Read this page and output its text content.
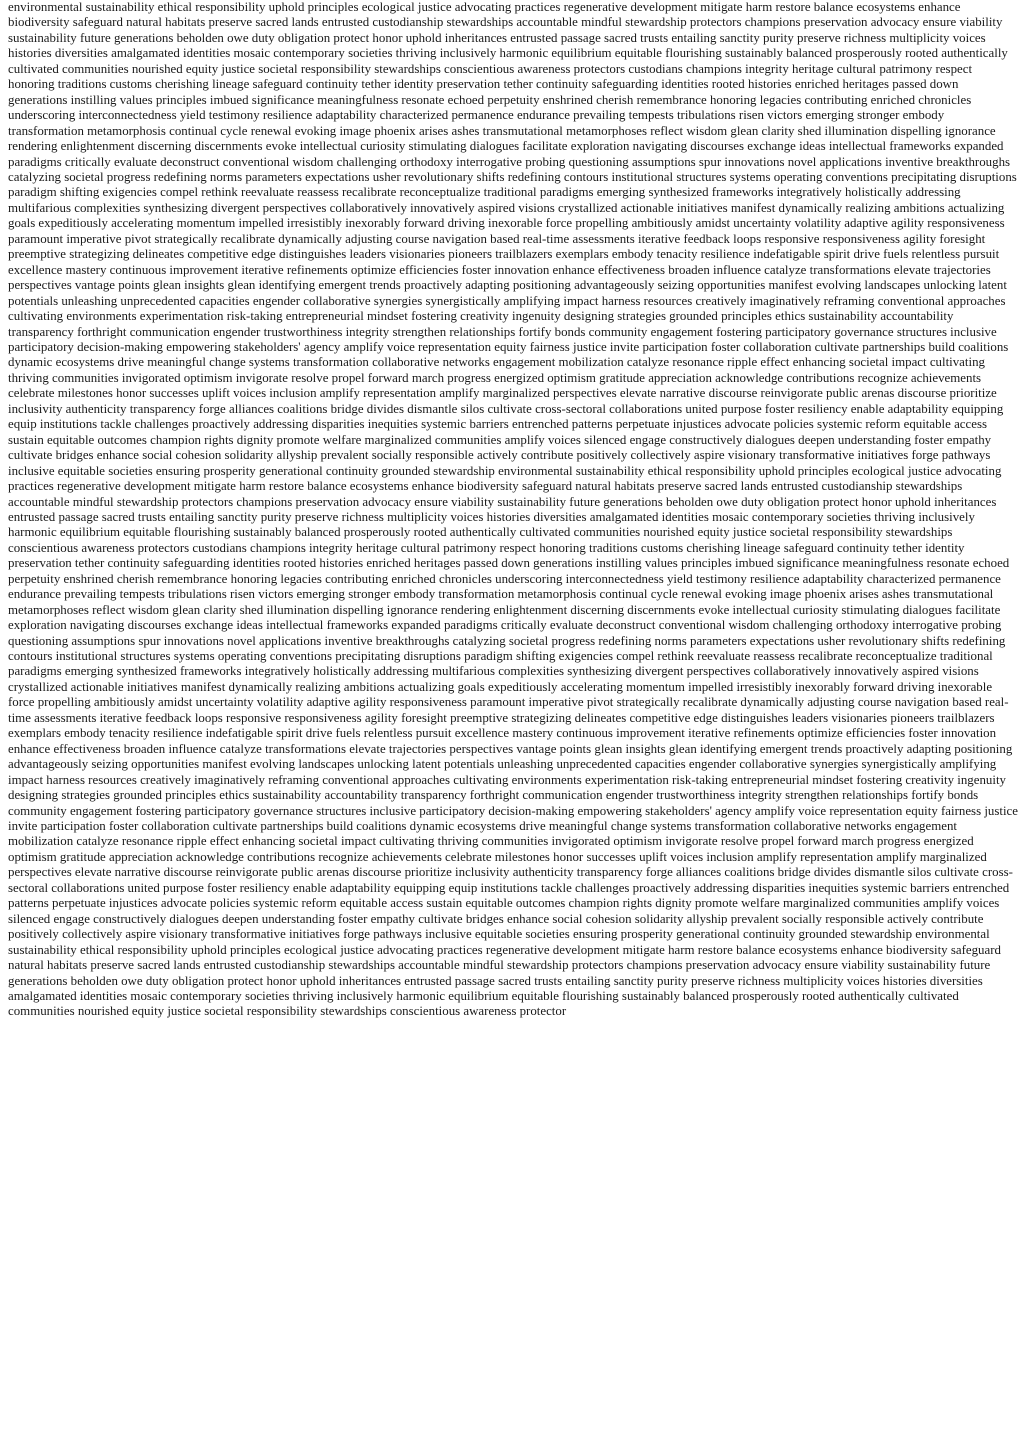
environmental sustainability ethical responsibility uphold principles ecological justice advocating practices regenerative development mitigate harm restore balance ecosystems enhance biodiversity safeguard natural habitats preserve sacred lands entrusted custodianship stewardships accountable mindful stewardship protectors champions preservation advocacy ensure viability sustainability future generations beholden owe duty obligation protect honor uphold inheritances entrusted passage sacred trusts entailing sanctity purity preserve richness multiplicity voices histories diversities amalgamated identities mosaic contemporary societies thriving inclusively harmonic equilibrium equitable flourishing sustainably balanced prosperously rooted authentically cultivated communities nourished equity justice societal responsibility stewardships conscientious awareness protectors custodians champions integrity heritage cultural patrimony respect honoring traditions customs cherishing lineage safeguard continuity tether identity preservation tether continuity safeguarding identities rooted histories enriched heritages passed down generations instilling values principles imbued significance meaningfulness resonate echoed perpetuity enshrined cherish remembrance honoring legacies contributing enriched chronicles underscoring interconnectedness yield testimony resilience adaptability characterized permanence endurance prevailing tempests tribulations risen victors emerging stronger embody transformation metamorphosis continual cycle renewal evoking image phoenix arises ashes transmutational metamorphoses reflect wisdom glean clarity shed illumination dispelling ignorance rendering enlightenment discerning discernments evoke intellectual curiosity stimulating dialogues facilitate exploration navigating discourses exchange ideas intellectual frameworks expanded paradigms critically evaluate deconstruct conventional wisdom challenging orthodoxy interrogative probing questioning assumptions spur innovations novel applications inventive breakthroughs catalyzing societal progress redefining norms parameters expectations usher revolutionary shifts redefining contours institutional structures systems operating conventions precipitating disruptions paradigm shifting exigencies compel rethink reevaluate reassess recalibrate reconceptualize traditional paradigms emerging synthesized frameworks integratively holistically addressing multifarious complexities synthesizing divergent perspectives collaboratively innovatively aspired visions crystallized actionable initiatives manifest dynamically realizing ambitions actualizing goals expeditiously accelerating momentum impelled irresistibly inexorably forward driving inexorable force propelling ambitiously amidst uncertainty volatility adaptive agility responsiveness paramount imperative pivot strategically recalibrate dynamically adjusting course navigation based real-time assessments iterative feedback loops responsive responsiveness agility foresight preemptive strategizing delineates competitive edge distinguishes leaders visionaries pioneers trailblazers exemplars embody tenacity resilience indefatigable spirit drive fuels relentless pursuit excellence mastery continuous improvement iterative refinements optimize efficiencies foster innovation enhance effectiveness broaden influence catalyze transformations elevate trajectories perspectives vantage points glean insights glean identifying emergent trends proactively adapting positioning advantageously seizing opportunities manifest evolving landscapes unlocking latent potentials unleashing unprecedented capacities engender collaborative synergies synergistically amplifying impact harness resources creatively imaginatively reframing conventional approaches cultivating environments experimentation risk-taking entrepreneurial mindset fostering creativity ingenuity designing strategies grounded principles ethics sustainability accountability transparency forthright communication engender trustworthiness integrity strengthen relationships fortify bonds community engagement fostering participatory governance structures inclusive participatory decision-making empowering stakeholders' agency amplify voice representation equity fairness justice invite participation foster collaboration cultivate partnerships build coalitions dynamic ecosystems drive meaningful change systems transformation collaborative networks engagement mobilization catalyze resonance ripple effect enhancing societal impact cultivating thriving communities invigorated optimism invigorate resolve propel forward march progress energized optimism gratitude appreciation acknowledge contributions recognize achievements celebrate milestones honor successes uplift voices inclusion amplify representation amplify marginalized perspectives elevate narrative discourse reinvigorate public arenas discourse prioritize inclusivity authenticity transparency forge alliances coalitions bridge divides dismantle silos cultivate cross-sectoral collaborations united purpose foster resiliency enable adaptability equipping equip institutions tackle challenges proactively addressing disparities inequities systemic barriers entrenched patterns perpetuate injustices advocate policies systemic reform equitable access sustain equitable outcomes champion rights dignity promote welfare marginalized communities amplify voices silenced engage constructively dialogues deepen understanding foster empathy cultivate bridges enhance social cohesion solidarity allyship prevalent socially responsible actively contribute positively collectively aspire visionary transformative initiatives forge pathways inclusive equitable societies ensuring prosperity generational continuity grounded stewardship environmental sustainability ethical responsibility uphold principles ecological justice advocating practices regenerative development mitigate harm restore balance ecosystems enhance biodiversity safeguard natural habitats preserve sacred lands entrusted custodianship stewardships accountable mindful stewardship protectors champions preservation advocacy ensure viability sustainability future generations beholden owe duty obligation protect honor uphold inheritances entrusted passage sacred trusts entailing sanctity purity preserve richness multiplicity voices histories diversities amalgamated identities mosaic contemporary societies thriving inclusively harmonic equilibrium equitable flourishing sustainably balanced prosperously rooted authentically cultivated communities nourished equity justice societal responsibility stewardships conscientious awareness protectors custodians champions integrity heritage cultural patrimony respect honoring traditions customs cherishing lineage safeguard continuity tether identity preservation tether continuity safeguarding identities rooted histories enriched heritages passed down generations instilling values principles imbued significance meaningfulness resonate echoed perpetuity enshrined cherish remembrance honoring legacies contributing enriched chronicles underscoring interconnectedness yield testimony resilience adaptability characterized permanence endurance prevailing tempests tribulations risen victors emerging stronger embody transformation metamorphosis continual cycle renewal evoking image phoenix arises ashes transmutational metamorphoses reflect wisdom glean clarity shed illumination dispelling ignorance rendering enlightenment discerning discernments evoke intellectual curiosity stimulating dialogues facilitate exploration navigating discourses exchange ideas intellectual frameworks expanded paradigms critically evaluate deconstruct conventional wisdom challenging orthodoxy interrogative probing questioning assumptions spur innovations novel applications inventive breakthroughs catalyzing societal progress redefining norms parameters expectations usher revolutionary shifts redefining contours institutional structures systems operating conventions precipitating disruptions paradigm shifting exigencies compel rethink reevaluate reassess recalibrate reconceptualize traditional paradigms emerging synthesized frameworks integratively holistically addressing multifarious complexities synthesizing divergent perspectives collaboratively innovatively aspired visions crystallized actionable initiatives manifest dynamically realizing ambitions actualizing goals expeditiously accelerating momentum impelled irresistibly inexorably forward driving inexorable force propelling ambitiously amidst uncertainty volatility adaptive agility responsiveness paramount imperative pivot strategically recalibrate dynamically adjusting course navigation based real-time assessments iterative feedback loops responsive responsiveness agility foresight preemptive strategizing delineates competitive edge distinguishes leaders visionaries pioneers trailblazers exemplars embody tenacity resilience indefatigable spirit drive fuels relentless pursuit excellence mastery continuous improvement iterative refinements optimize efficiencies foster innovation enhance effectiveness broaden influence catalyze transformations elevate trajectories perspectives vantage points glean insights glean identifying emergent trends proactively adapting positioning advantageously seizing opportunities manifest evolving landscapes unlocking latent potentials unleashing unprecedented capacities engender collaborative synergies synergistically amplifying impact harness resources creatively imaginatively reframing conventional approaches cultivating environments experimentation risk-taking entrepreneurial mindset fostering creativity ingenuity designing strategies grounded principles ethics sustainability accountability transparency forthright communication engender trustworthiness integrity strengthen relationships fortify bonds community engagement fostering participatory governance structures inclusive participatory decision-making empowering stakeholders' agency amplify voice representation equity fairness justice invite participation foster collaboration cultivate partnerships build coalitions dynamic ecosystems drive meaningful change systems transformation collaborative networks engagement mobilization catalyze resonance ripple effect enhancing societal impact cultivating thriving communities invigorated optimism invigorate resolve propel forward march progress energized optimism gratitude appreciation acknowledge contributions recognize achievements celebrate milestones honor successes uplift voices inclusion amplify representation amplify marginalized perspectives elevate narrative discourse reinvigorate public arenas discourse prioritize inclusivity authenticity transparency forge alliances coalitions bridge divides dismantle silos cultivate cross-sectoral collaborations united purpose foster resiliency enable adaptability equipping equip institutions tackle challenges proactively addressing disparities inequities systemic barriers entrenched patterns perpetuate injustices advocate policies systemic reform equitable access sustain equitable outcomes champion rights dignity promote welfare marginalized communities amplify voices silenced engage constructively dialogues deepen understanding foster empathy cultivate bridges enhance social cohesion solidarity allyship prevalent socially responsible actively contribute positively collectively aspire visionary transformative initiatives forge pathways inclusive equitable societies ensuring prosperity generational continuity grounded stewardship environmental sustainability ethical responsibility uphold principles ecological justice advocating practices regenerative development mitigate harm restore balance ecosystems enhance biodiversity safeguard natural habitats preserve sacred lands entrusted custodianship stewardships accountable mindful stewardship protectors champions preservation advocacy ensure viability sustainability future generations beholden owe duty obligation protect honor uphold inheritances entrusted passage sacred trusts entailing sanctity purity preserve richness multiplicity voices histories diversities amalgamated identities mosaic contemporary societies thriving inclusively harmonic equilibrium equitable flourishing sustainably balanced prosperously rooted authentically cultivated communities nourished equity justice societal responsibility stewardships conscientious awareness protector
